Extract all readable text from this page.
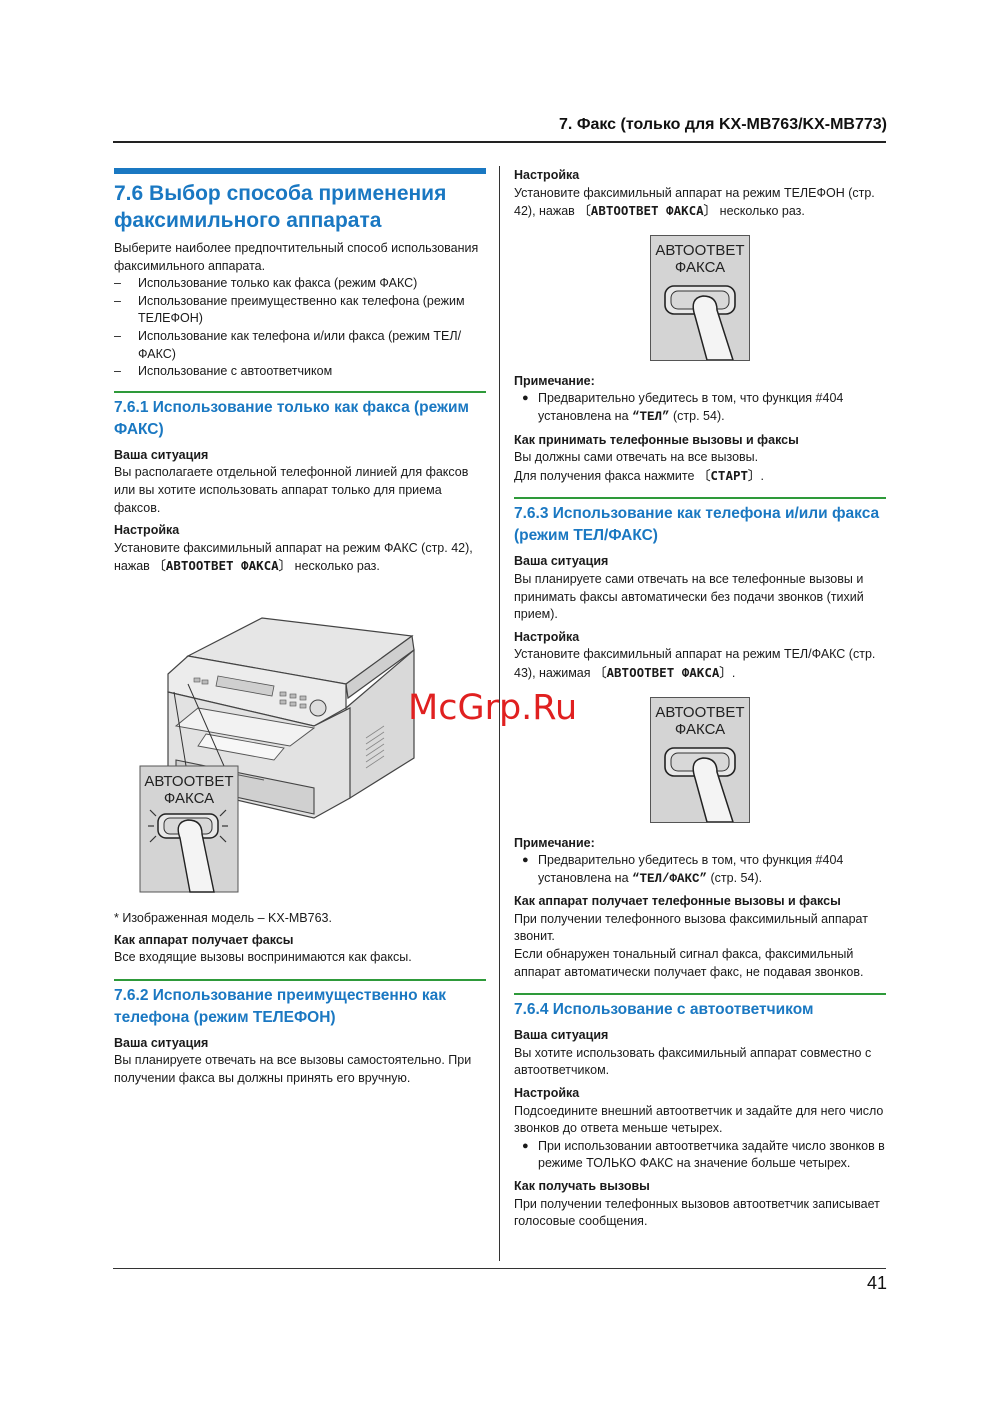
7. Факс (только для KX-MB763/KX-MB773)
7.6 Выбор способа применения факсимильного аппарата

Выберите наиболее предпочтительный способ использования факсимильного аппарата.

– Использование только как факса (режим ФАКС)
– Использование преимущественно как телефона (режим ТЕЛЕФОН)
– Использование как телефона и/или факса (режим ТЕЛ/ФАКС)
– Использование с автоответчиком
7.6.1 Использование только как факса (режим ФАКС)
Ваша ситуация

Вы располагаете отдельной телефонной линией для факсов или вы хотите использовать аппарат только для приема факсов.

Настройка

Установите факсимильный аппарат на режим ФАКС (стр. 42), нажав 〔АВТООТВЕТ ФАКСА〕 несколько раз.

АВТООТВЕТ
ФАКСА

* Изображенная модель – KX-MB763.

Как аппарат получает факсы

Все входящие вызовы воспринимаются как факсы.

7.6.2 Использование преимущественно как телефона (режим ТЕЛЕФОН)
Ваша ситуация

Вы планируете отвечать на все вызовы самостоятельно. При получении факса вы должны принять его вручную.

Настройка

Установите факсимильный аппарат на режим ТЕЛЕФОН (стр. 42), нажав 〔АВТООТВЕТ ФАКСА〕 несколько раз.

АВТООТВЕТ
ФАКСА
Примечание:
● Предварительно убедитесь в том, что функция #404 установлена на “ТЕЛ” (стр. 54).
Как принимать телефонные вызовы и факсы

Вы должны сами отвечать на все вызовы.

Для получения факса нажмите 〔СТАРТ〕.

7.6.3 Использование как телефона и/или факса (режим ТЕЛ/ФАКС)
Ваша ситуация

Вы планируете сами отвечать на все телефонные вызовы и принимать факсы автоматически без подачи звонков (тихий прием).

Настройка

Установите факсимильный аппарат на режим ТЕЛ/ФАКС (стр. 43), нажимая 〔АВТООТВЕТ ФАКСА〕.

АВТООТВЕТ
ФАКСА
Примечание:
● Предварительно убедитесь в том, что функция #404 установлена на “ТЕЛ/ФАКС” (стр. 54).
Как аппарат получает телефонные вызовы и факсы

При получении телефонного вызова факсимильный аппарат звонит.

Если обнаружен тональный сигнал факса, факсимильный аппарат автоматически получает факс, не подавая звонков.

7.6.4 Использование с автоответчиком
Ваша ситуация

Вы хотите использовать факсимильный аппарат совместно с автоответчиком.

Настройка

Подсоедините внешний автоответчик и задайте для него число звонков до ответа меньше четырех.

● При использовании автоответчика задайте число звонков в режиме ТОЛЬКО ФАКС на значение больше четырех.
Как получать вызовы

При получении телефонных вызовов автоответчик записывает голосовые сообщения.

McGrp.Ru
41
